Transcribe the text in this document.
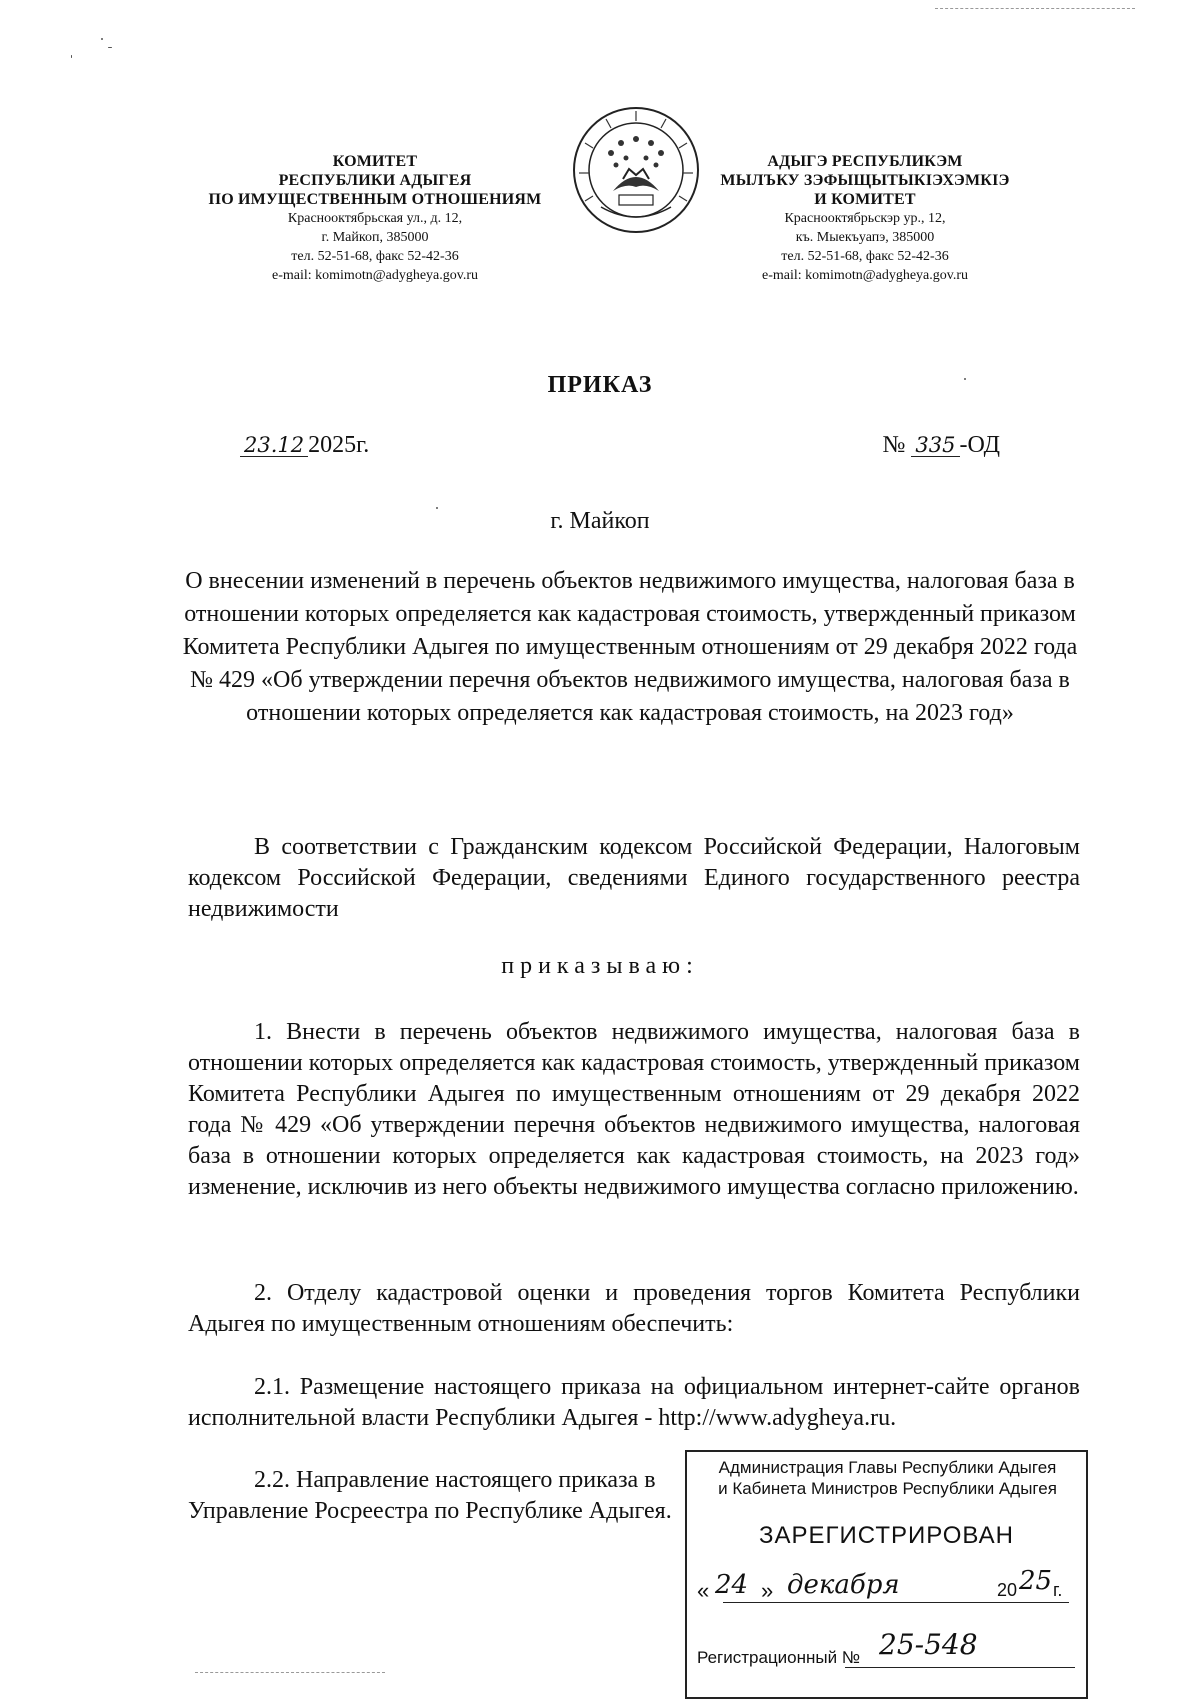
КОМИТЕТ
РЕСПУБЛИКИ АДЫГЕЯ
ПО ИМУЩЕСТВЕННЫМ ОТНОШЕНИЯМ
Краснооктябрьская ул., д. 12,
г. Майкоп, 385000
тел. 52-51-68, факс 52-42-36
e-mail: komimotn@adygheya.gov.ru
АДЫГЭ РЕСПУБЛИКЭМ
МЫЛЪКУ ЗЭФЫЩЫТЫКIЭХЭМКIЭ
И КОМИТЕТ
Краснооктябрьскэр ур., 12,
къ. Мыекъуапэ, 385000
тел. 52-51-68, факс 52-42-36
e-mail: komimotn@adygheya.gov.ru
ПРИКАЗ
23.12 2025г.	№ 335 -ОД
г. Майкоп
О внесении изменений в перечень объектов недвижимого имущества, налоговая база в отношении которых определяется как кадастровая стоимость, утвержденный приказом Комитета Республики Адыгея по имущественным отношениям от 29 декабря 2022 года № 429 «Об утверждении перечня объектов недвижимого имущества, налоговая база в отношении которых определяется как кадастровая стоимость, на 2023 год»
В соответствии с Гражданским кодексом Российской Федерации, Налоговым кодексом Российской Федерации, сведениями Единого государственного реестра недвижимости
приказываю:
1. Внести в перечень объектов недвижимого имущества, налоговая база в отношении которых определяется как кадастровая стоимость, утвержденный приказом Комитета Республики Адыгея по имущественным отношениям от 29 декабря 2022 года № 429 «Об утверждении перечня объектов недвижимого имущества, налоговая база в отношении которых определяется как кадастровая стоимость, на 2023 год» изменение, исключив из него объекты недвижимого имущества согласно приложению.
2. Отделу кадастровой оценки и проведения торгов Комитета Республики Адыгея по имущественным отношениям обеспечить:
2.1. Размещение настоящего приказа на официальном интернет-сайте органов исполнительной власти Республики Адыгея - http://www.adygheya.ru.
2.2. Направление настоящего приказа в Управление Росреестра по Республике Адыгея.
Администрация Главы Республики Адыгея
и Кабинета Министров Республики Адыгея
ЗАРЕГИСТРИРОВАН
« 24 » декабря	20 25 г.
Регистрационный № 25-548
